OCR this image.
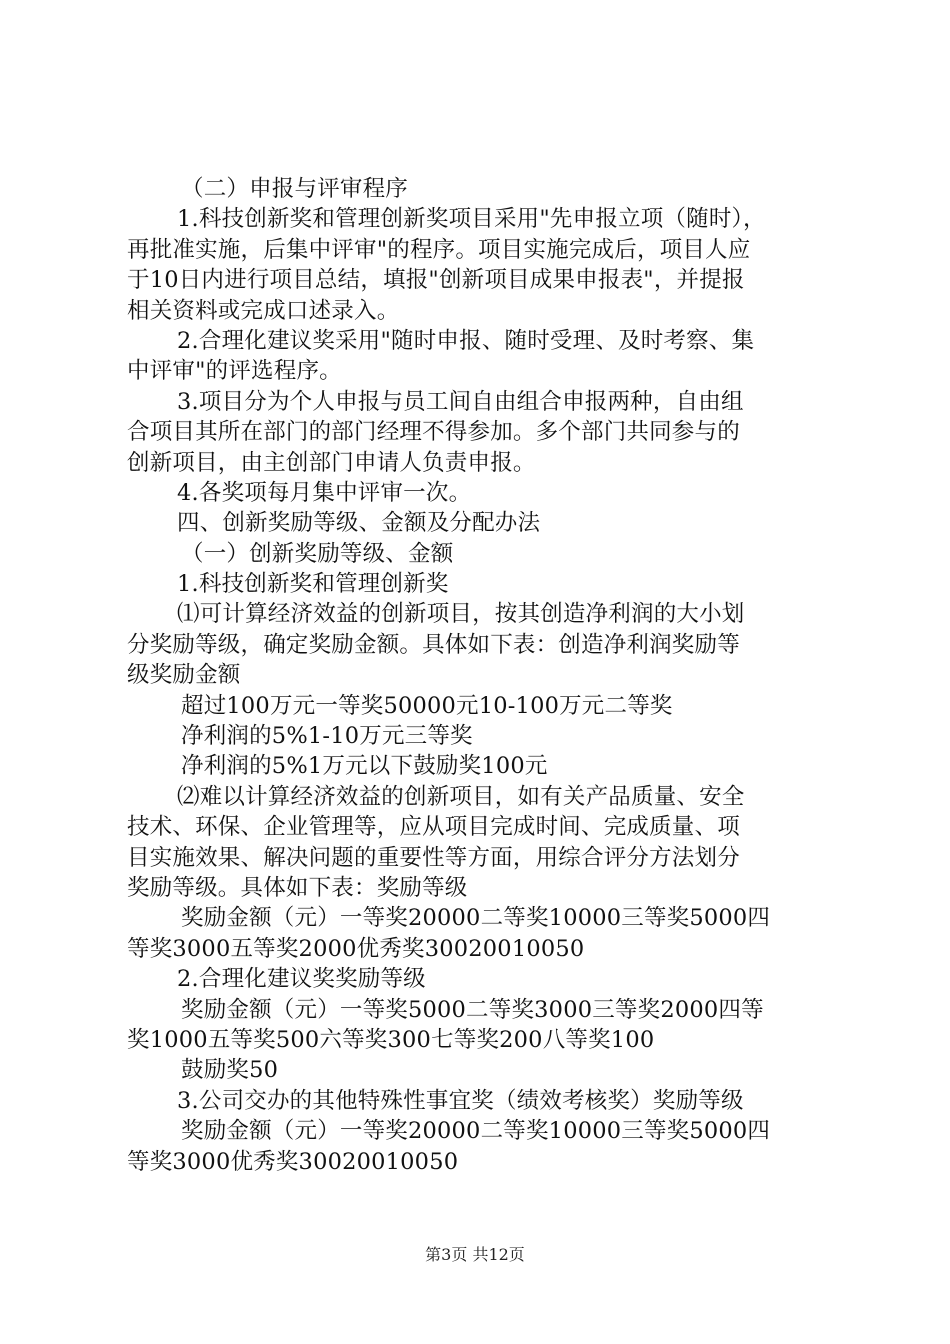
（二）申报与评审程序
1.科技创新奖和管理创新奖项目采用"先申报立项（随时），
再批准实施，后集中评审"的程序。项目实施完成后，项目人应
于10日内进行项目总结，填报"创新项目成果申报表"，并提报
相关资料或完成口述录入。
2.合理化建议奖采用"随时申报、随时受理、及时考察、集
中评审"的评选程序。
3.项目分为个人申报与员工间自由组合申报两种，自由组
合项目其所在部门的部门经理不得参加。多个部门共同参与的
创新项目，由主创部门申请人负责申报。
4.各奖项每月集中评审一次。
四、创新奖励等级、金额及分配办法
（一）创新奖励等级、金额
1.科技创新奖和管理创新奖
⑴可计算经济效益的创新项目，按其创造净利润的大小划
分奖励等级，确定奖励金额。具体如下表：创造净利润奖励等
级奖励金额
超过100万元一等奖50000元10-100万元二等奖
净利润的5%1-10万元三等奖
净利润的5%1万元以下鼓励奖100元
⑵难以计算经济效益的创新项目，如有关产品质量、安全
技术、环保、企业管理等，应从项目完成时间、完成质量、项
目实施效果、解决问题的重要性等方面，用综合评分方法划分
奖励等级。具体如下表：奖励等级
奖励金额（元）一等奖20000二等奖10000三等奖5000四
等奖3000五等奖2000优秀奖30020010050
2.合理化建议奖奖励等级
奖励金额（元）一等奖5000二等奖3000三等奖2000四等
奖1000五等奖500六等奖300七等奖200八等奖100
鼓励奖50
3.公司交办的其他特殊性事宜奖（绩效考核奖）奖励等级
奖励金额（元）一等奖20000二等奖10000三等奖5000四
等奖3000优秀奖30020010050
第3页 共12页
